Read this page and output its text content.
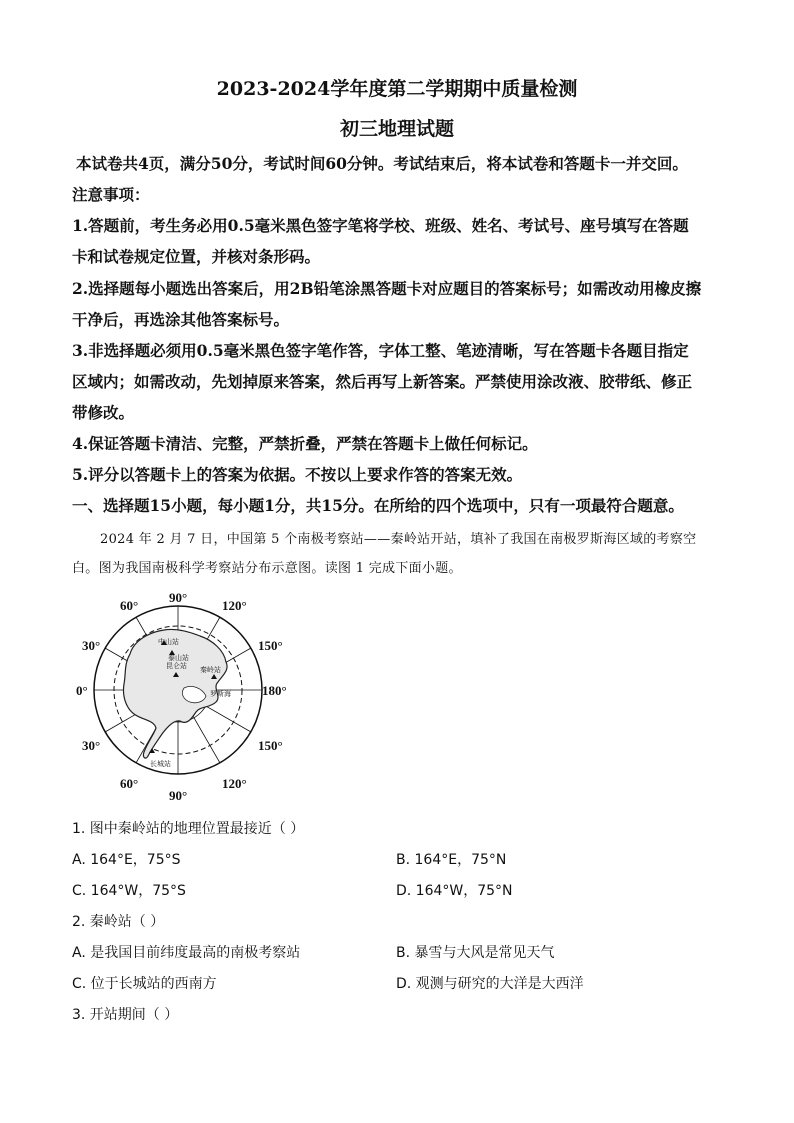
2023-2024学年度第二学期期中质量检测
初三地理试题
本试卷共4页，满分50分，考试时间60分钟。考试结束后，将本试卷和答题卡一并交回。
注意事项：
1.答题前，考生务必用0.5毫米黑色签字笔将学校、班级、姓名、考试号、座号填写在答题
卡和试卷规定位置，并核对条形码。
2.选择题每小题选出答案后，用2B铅笔涂黑答题卡对应题目的答案标号；如需改动用橡皮擦
干净后，再选涂其他答案标号。
3.非选择题必须用0.5毫米黑色签字笔作答，字体工整、笔迹清晰，写在答题卡各题目指定
区域内；如需改动，先划掉原来答案，然后再写上新答案。严禁使用涂改液、胶带纸、修正
带修改。
4.保证答题卡清洁、完整，严禁折叠，严禁在答题卡上做任何标记。
5.评分以答题卡上的答案为依据。不按以上要求作答的答案无效。
一、选择题15小题，每小题1分，共15分。在所给的四个选项中，只有一项最符合题意。
2024 年 2 月 7 日，中国第 5 个南极考察站——秦岭站开站，填补了我国在南极罗斯海区域的考察空
白。图为我国南极科学考察站分布示意图。读图 1 完成下面小题。
中山站
泰山站
昆仑站 秦岭站
罗斯海
长城站
60°
90°
120°
30°	150°
0°	180°
30°	150°
60°
90°
120°
1. 图中秦岭站的地理位置最接近（ ）
A. 164°E，75°S	B. 164°E，75°N
C. 164°W，75°S	D. 164°W，75°N
2. 秦岭站（ ）
A. 是我国目前纬度最高的南极考察站	B. 暴雪与大风是常见天气
C. 位于长城站的西南方	D. 观测与研究的大洋是大西洋
3. 开站期间（ ）
